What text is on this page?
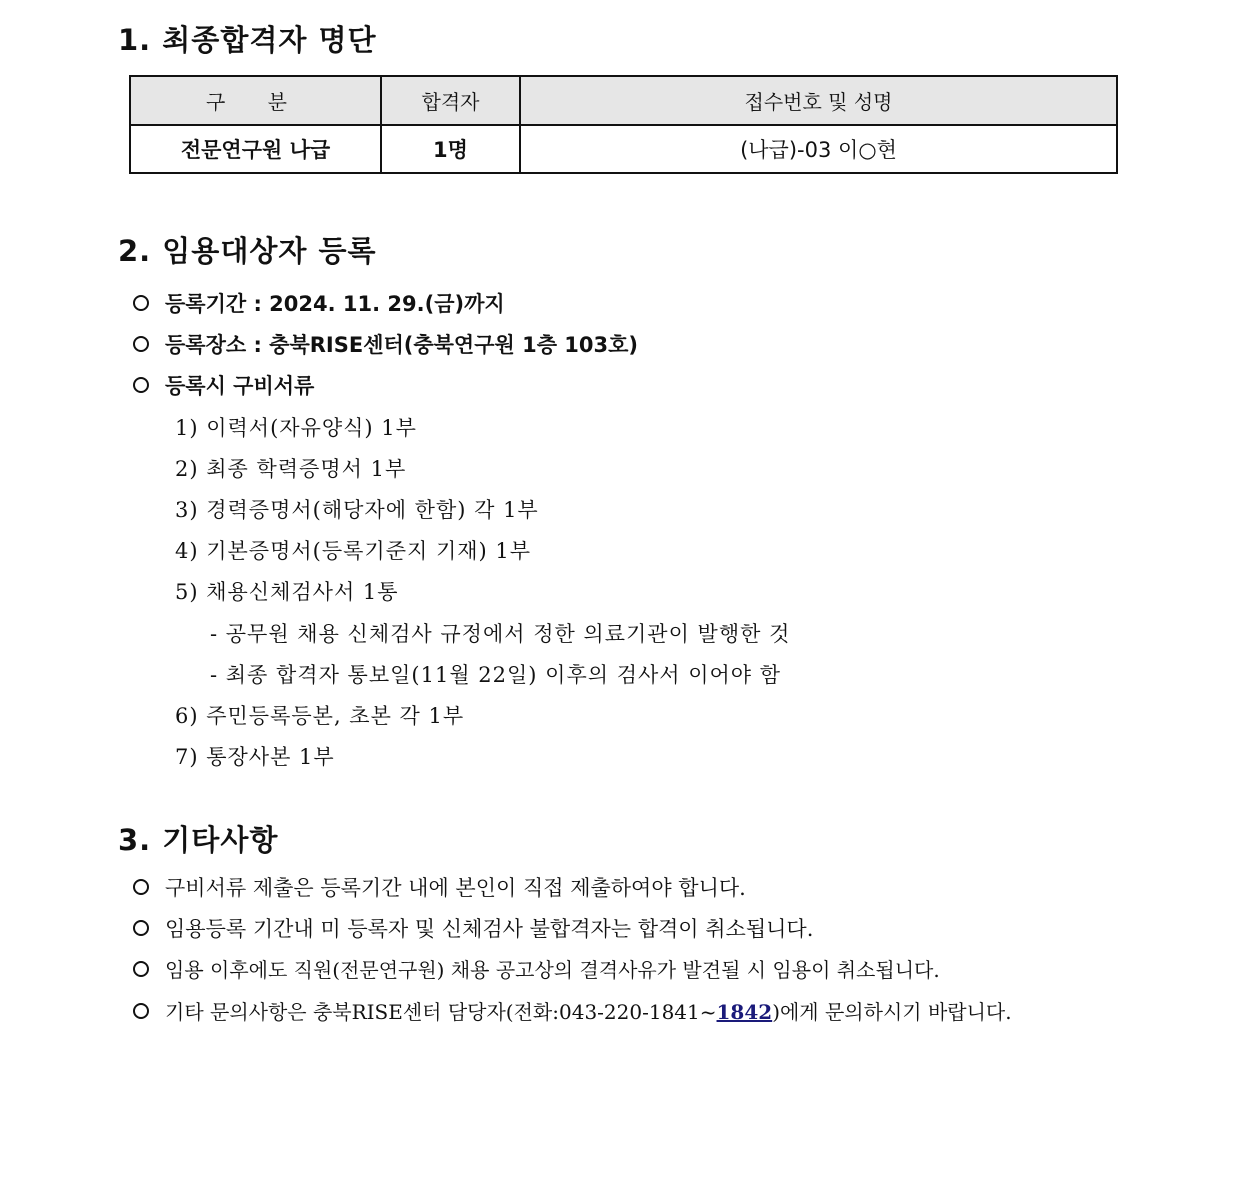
1. 최종합격자 명단
구 분	합격자	접수번호 및 성명
전문연구원 나급	1명	(나급)-03 이○현
2. 임용대상자 등록
등록기간 : 2024. 11. 29.(금)까지
등록장소 : 충북RISE센터(충북연구원 1층 103호)
등록시 구비서류
1) 이력서(자유양식) 1부
2) 최종 학력증명서 1부
3) 경력증명서(해당자에 한함) 각 1부
4) 기본증명서(등록기준지 기재) 1부
5) 채용신체검사서 1통
- 공무원 채용 신체검사 규정에서 정한 의료기관이 발행한 것
- 최종 합격자 통보일(11월 22일) 이후의 검사서 이어야 함
6) 주민등록등본, 초본 각 1부
7) 통장사본 1부
3. 기타사항
구비서류 제출은 등록기간 내에 본인이 직접 제출하여야 합니다.
임용등록 기간내 미 등록자 및 신체검사 불합격자는 합격이 취소됩니다.
임용 이후에도 직원(전문연구원) 채용 공고상의 결격사유가 발견될 시 임용이 취소됩니다.
기타 문의사항은 충북RISE센터 담당자(전화:043-220-1841~1842)에게 문의하시기 바랍니다.
